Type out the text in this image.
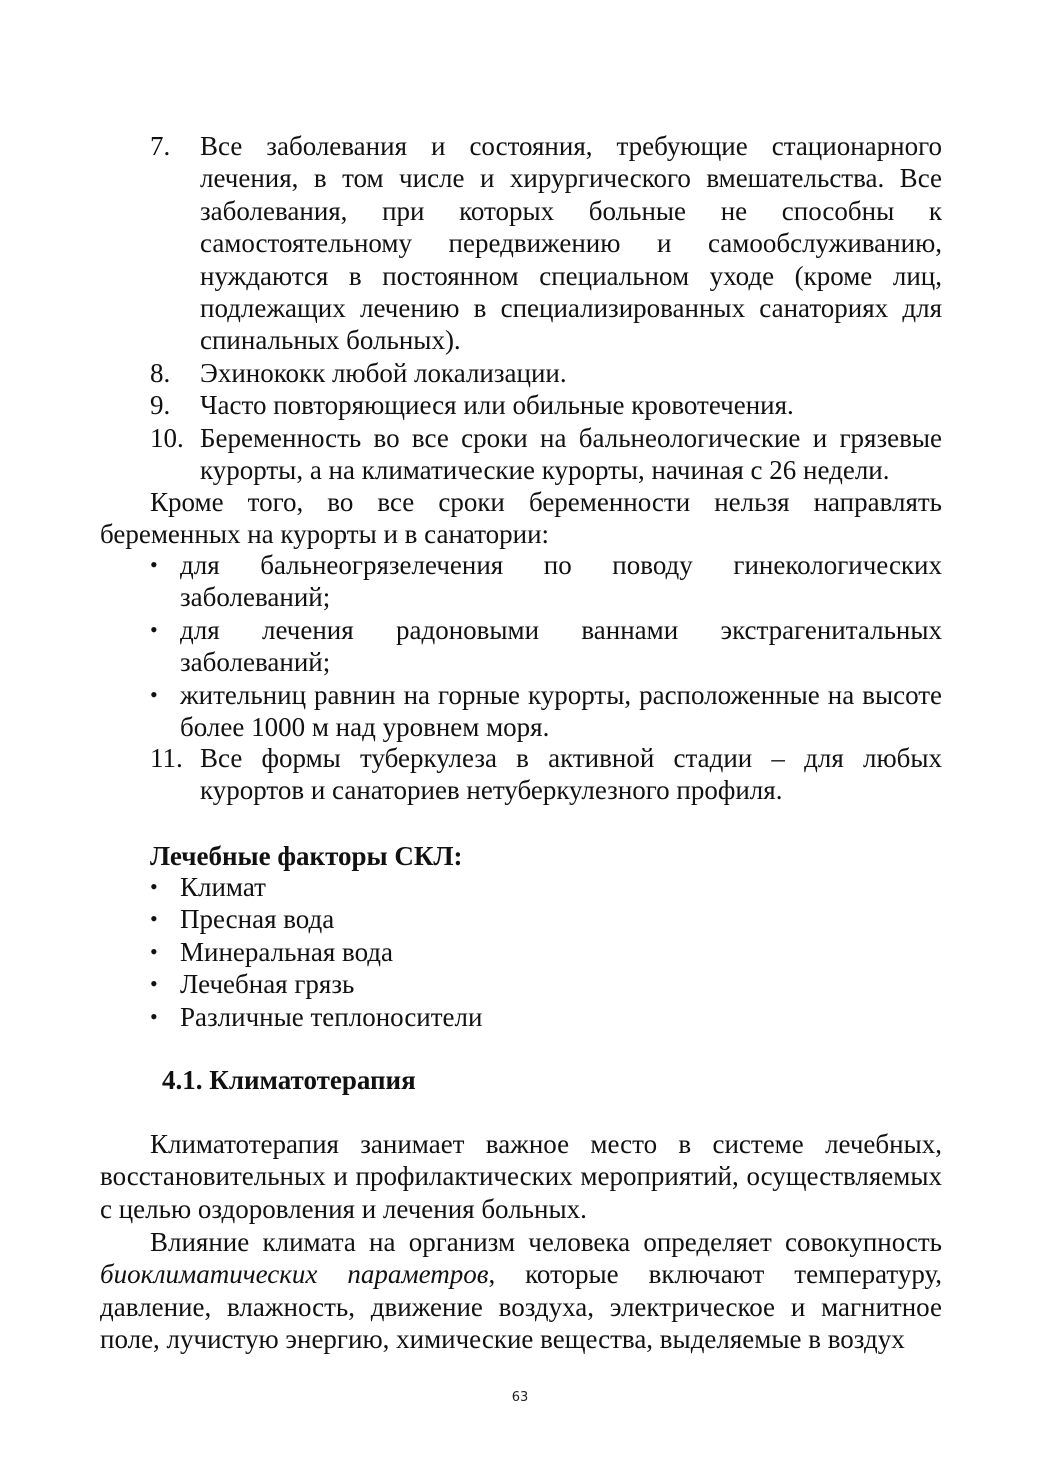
7. Все заболевания и состояния, требующие стационарного лечения, в том числе и хирургического вмешательства. Все заболевания, при которых больные не способны к самостоятельному передвижению и самообслуживанию, нуждаются в постоянном специальном уходе (кроме лиц, подлежащих лечению в специализированных санаториях для спинальных больных).
8. Эхинококк любой локализации.
9. Часто повторяющиеся или обильные кровотечения.
10. Беременность во все сроки на бальнеологические и грязевые курорты, а на климатические курорты, начиная с 26 недели.
Кроме того, во все сроки беременности нельзя направлять беременных на курорты и в санатории:
• для бальнеогрязелечения по поводу гинекологических заболеваний;
• для лечения радоновыми ваннами экстрагенитальных заболеваний;
• жительниц равнин на горные курорты, расположенные на высоте более 1000 м над уровнем моря.
11. Все формы туберкулеза в активной стадии – для любых курортов и санаториев нетуберкулезного профиля.
Лечебные факторы СКЛ:
• Климат
• Пресная вода
• Минеральная вода
• Лечебная грязь
• Различные теплоносители
4.1. Климатотерапия
Климатотерапия занимает важное место в системе лечебных, восстановительных и профилактических мероприятий, осуществляемых с целью оздоровления и лечения больных.
Влияние климата на организм человека определяет совокупность биоклиматических параметров, которые включают температуру, давление, влажность, движение воздуха, электрическое и магнитное поле, лучистую энергию, химические вещества, выделяемые в воздух
63
